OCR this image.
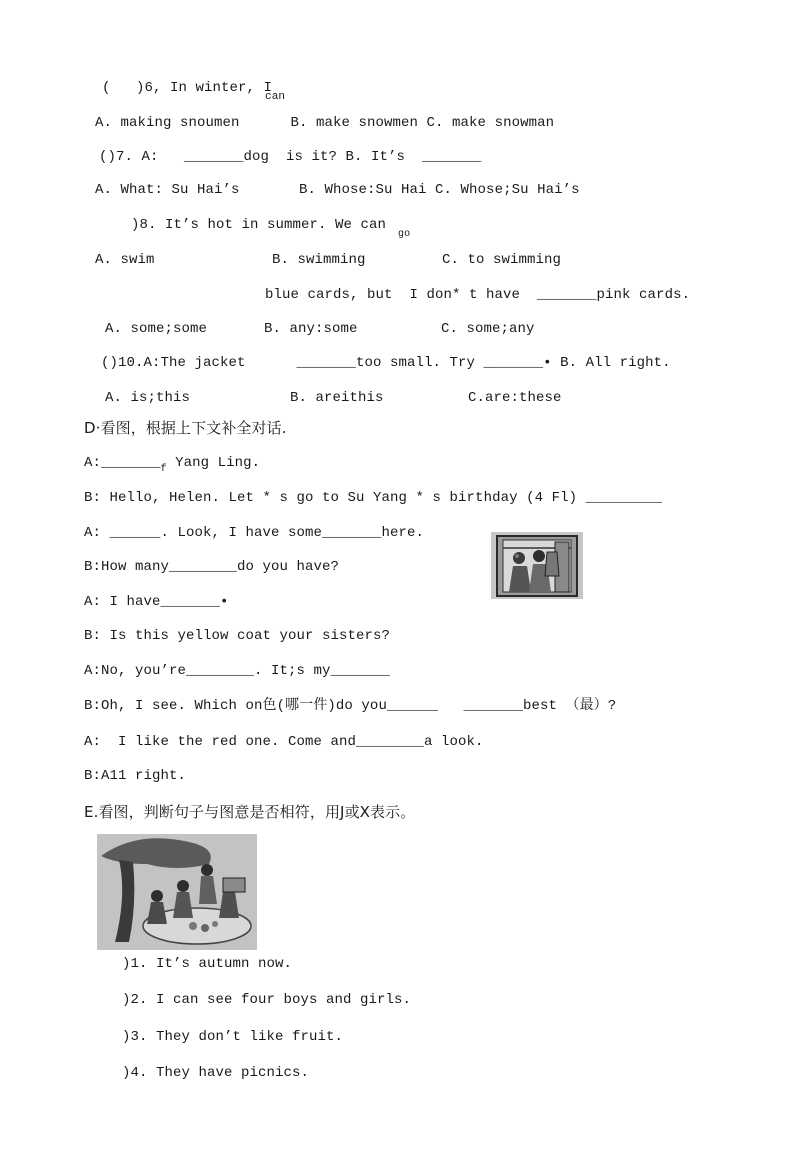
(   )6, In winter, I
can
A. making snoumen      B. make snowmen C. make snowman
()7. A:   _______dog  is it? B. It’s  _______
A. What: Su Hai’s       B. Whose:Su Hai C. Whose;Su Hai’s
)8. It’s hot in summer. We can
go
A. swim	B. swimming	C. to swimming
blue cards, but  I don* t have  _______pink cards.
A. some;some	B. any:some	C. some;any
()10.A:The jacket      _______too small. Try _______• B. All right.
A. is;this	B. areithis	C.are:these
D·看图，根据上下文补全对话.
$A:\_\_\_\_\_\_\__f$ Yang Ling.
B: Hello, Helen. Let * s go to Su Yang * s birthday (4 Fl) _________
A: ______. Look, I have some_______here.
B:How many________do you have?
A: I have_______•
B: Is this yellow coat your sisters?
A:No, you’re________. It;s my_______
B:Oh, I see. Which on色(哪一件)do you______   _______best （最）?
A:  I like the red one. Come and________a look.
B:A11 right.
E.看图，判断句子与图意是否相符，用J或X表示。
)1. It’s autumn now.
)2. I can see four boys and girls.
)3. They don’t like fruit.
)4. They have picnics.
